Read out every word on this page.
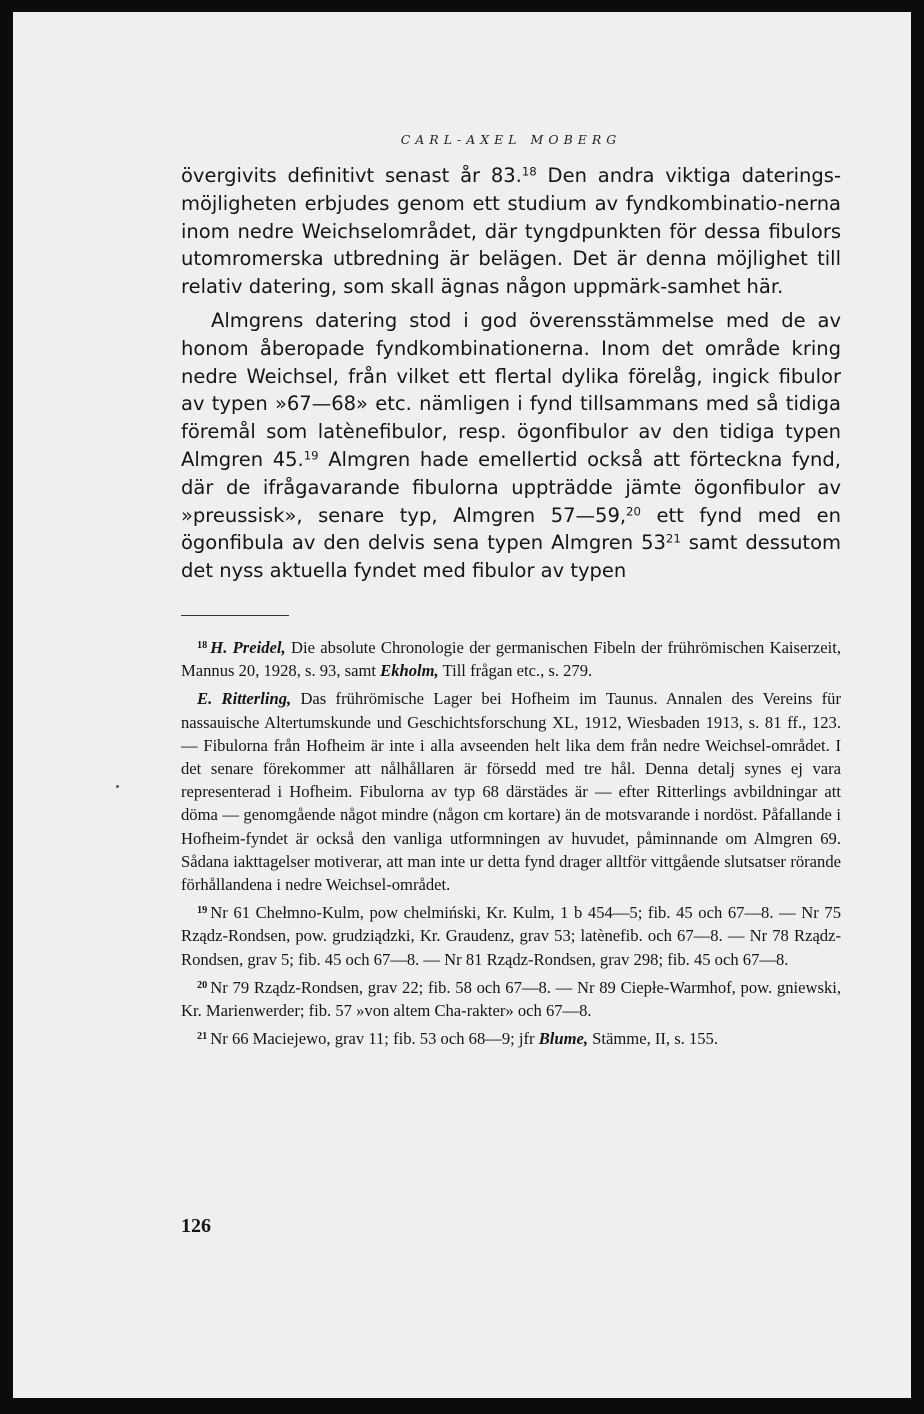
CARL-AXEL MOBERG

övergivits definitivt senast år 83.18 Den andra viktiga daterings-möjligheten erbjudes genom ett studium av fyndkombinatio-nerna inom nedre Weichselområdet, där tyngdpunkten för dessa fibulors utomromerska utbredning är belägen. Det är denna möjlighet till relativ datering, som skall ägnas någon uppmärk-samhet här.

Almgrens datering stod i god överensstämmelse med de av honom åberopade fyndkombinationerna. Inom det område kring nedre Weichsel, från vilket ett flertal dylika förelåg, ingick fibulor av typen »67—68» etc. nämligen i fynd tillsammans med så tidiga föremål som latènefibulor, resp. ögonfibulor av den tidiga typen Almgren 45.19 Almgren hade emellertid också att förteckna fynd, där de ifrågavarande fibulorna uppträdde jämte ögonfibulor av »preussisk», senare typ, Almgren 57—59,20 ett fynd med en ögonfibula av den delvis sena typen Almgren $53^{21}$ samt dessutom det nyss aktuella fyndet med fibulor av typen

$^{18}$ H. Preidel, Die absolute Chronologie der germanischen Fibeln der frührömischen Kaiserzeit, Mannus 20, 1928, s. 93, samt Ekholm, Till frågan etc., s. 279.

E. Ritterling, Das frührömische Lager bei Hofheim im Taunus. Annalen des Vereins für nassauische Altertumskunde und Geschichtsforschung XL, 1912, Wiesbaden 1913, s. 81 ff., 123. — Fibulorna från Hofheim är inte i alla avseenden helt lika dem från nedre Weichsel-området. I det senare förekommer att nålhållaren är försedd med tre hål. Denna detalj synes ej vara representerad i Hofheim. Fibulorna av typ 68 därstädes är — efter Ritterlings avbildningar att döma — genomgående något mindre (någon cm kortare) än de motsvarande i nordöst. Påfallande i Hofheim-fyndet är också den vanliga utformningen av huvudet, påminnande om Almgren 69. Sådana iakttagelser motiverar, att man inte ur detta fynd drager alltför vittgående slutsatser rörande förhållandena i nedre Weichsel-området.

$^{19}$ Nr 61 Chełmno-Kulm, pow chelmiński, Kr. Kulm, 1 b 454—5; fib. 45 och 67—8. — Nr 75 Rządz-Rondsen, pow. grudziądzki, Kr. Graudenz, grav 53; latènefib. och 67—8. — Nr 78 Rządz-Rondsen, grav 5; fib. 45 och 67—8. — Nr 81 Rządz-Rondsen, grav 298; fib. 45 och 67—8.

$^{20}$ Nr 79 Rządz-Rondsen, grav 22; fib. 58 och 67—8. — Nr 89 Ciepłe-Warmhof, pow. gniewski, Kr. Marienwerder; fib. 57 »von altem Cha-rakter» och 67—8.

$^{21}$ Nr 66 Maciejewo, grav 11; fib. 53 och 68—9; jfr Blume, Stämme, II, s. 155.

126
